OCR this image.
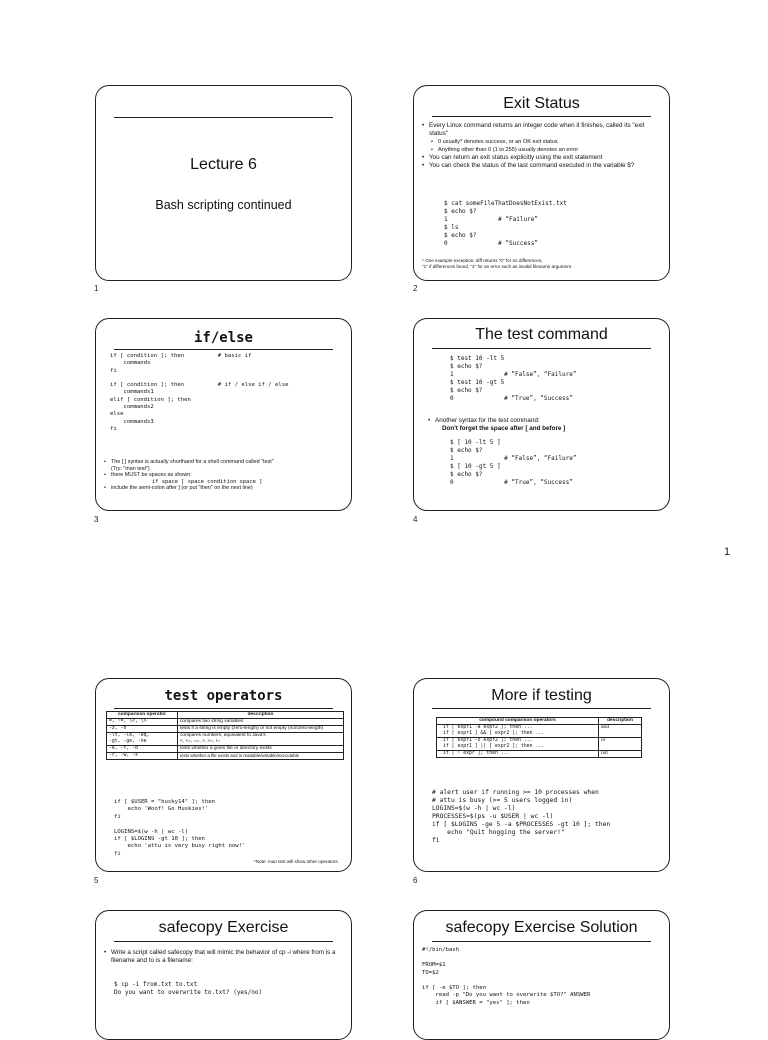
Lecture 6
Bash scripting continued
1
Exit Status
• Every Linux command returns an integer code when it finishes, called its "exit status"
• 0 usually* denotes success, or an OK exit status
• Anything other than 0 (1 to 255) usually denotes an error
• You can return an exit status explicitly using the exit statement
• You can check the status of the last command executed in the variable $?
$ cat someFileThatDoesNotExist.txt
$ echo $?
1              # “Failure”
$ ls
$ echo $?
0              # “Success”
* One example exception: diff returns "0" for no differences,
"1" if differences found, "2" for an error such as invalid filename argument
2
if/else
if [ condition ]; then          # basic if
commands
fi

if [ condition ]; then          # if / else if / else
commands1
elif [ condition ]; then
commands2
else
commands3
fi
• The [ ] syntax is actually shorthand for a shell command called "test"
(Try: "man test")
• there MUST be spaces as shown:
if space [ space condition space ]
• include the semi-colon after ] (or put "then" on the next line)
3
The test command
$ test 10 -lt 5
$ echo $?
1              # “False”, “Failure”
$ test 10 -gt 5
$ echo $?
0              # “True”, “Success”
• Another syntax for the test command:
Don't forget the space after [ and before ]
$ [ 10 -lt 5 ]
$ echo $?
1              # “False”, “Failure”
$ [ 10 -gt 5 ]
$ echo $?
0              # “True”, “Success”
4
1
test operators
comparison operator	description
=, !=, \<, \>	compares two string variables
-z, -n	tests if a string is empty (zero-length) or not empty (nonzero-length)
-lt, -le, -eq,
-gt, -ge, -ne	compares numbers; equivalent to Java's
<, <=, ==, >, >=, !=
-e, -f, -d	tests whether a given file or directory exists
-r, -w, -x	tests whether a file exists and is readable/writable/executable
if [ $USER = "husky14" ]; then
echo 'Woof! Go Huskies!'
fi

LOGINS=$(w -h | wc -l)
if [ $LOGINS -gt 10 ]; then
echo 'attu is very busy right now!'
fi
*Note: man test will show other operators.
5
More if testing
compound comparison operators	description
if [ expr1 -a expr2 ]; then ...
if [ expr1 ] && [ expr2 ]; then ...	and
if [ expr1 -o expr2 ]; then ...
if [ expr1 ] || [ expr2 ]; then ...	or
if [ ! expr ]; then ...	not
# alert user if running >= 10 processes when
# attu is busy (>= 5 users logged in)
LOGINS=$(w -h | wc -l)
PROCESSES=$(ps -u $USER | wc -l)
if [ $LOGINS -ge 5 -a $PROCESSES -gt 10 ]; then
echo "Quit hogging the server!"
fi
6
safecopy Exercise
• Write a script called safecopy that will mimic the behavior of cp -i where from is a filename and to is a filename:
$ cp -i from.txt to.txt
Do you want to overwrite to.txt? (yes/no)
safecopy Exercise Solution
#!/bin/bash

FROM=$1
TO=$2

if [ -e $TO ]; then
read -p "Do you want to overwrite $TO?" ANSWER
if [ $ANSWER = "yes" ]; then
